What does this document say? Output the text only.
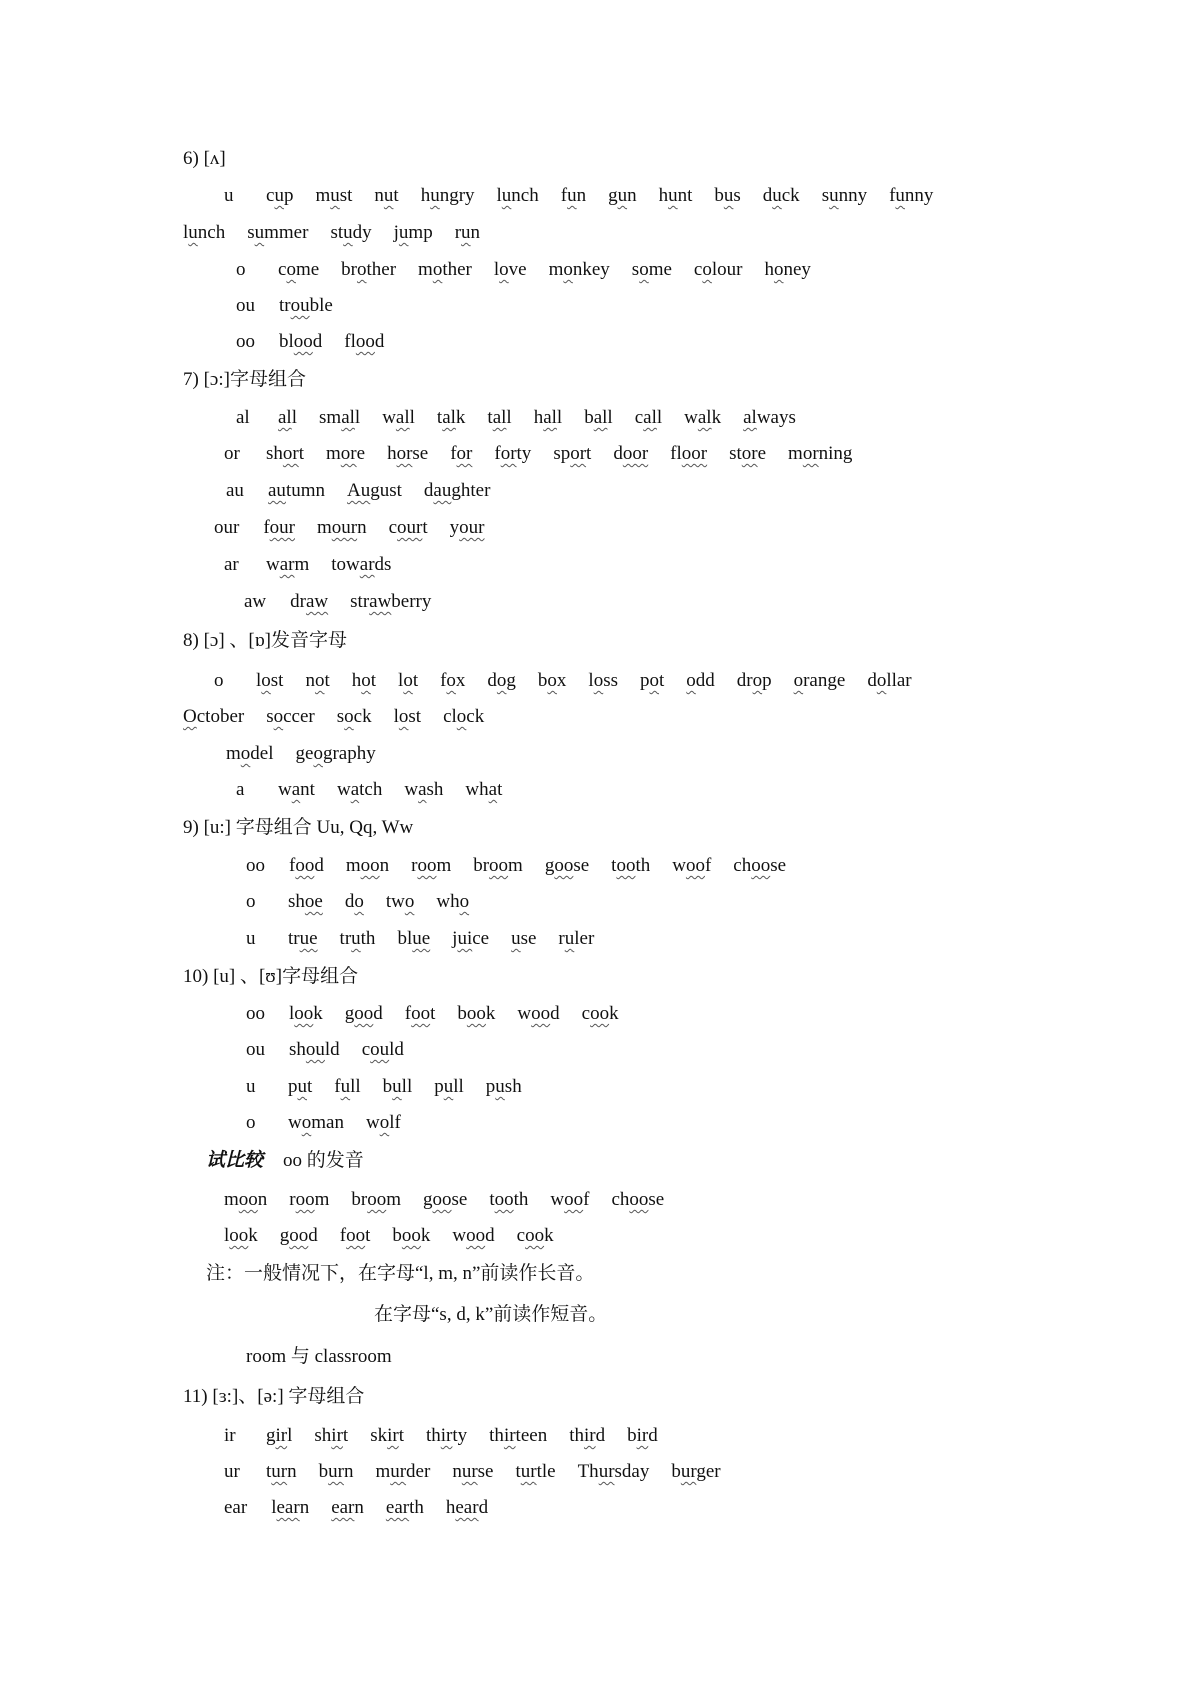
6) [ʌ]
u cup must nut hungry lunch fun gun hunt bus duck sunny funny
lunch summer study jump run
o come brother mother love monkey some colour honey
ou trouble
oo blood flood
7) [ɔ:]字母组合
al all small wall talk tall hall ball call walk always
or short more horse for forty sport door floor store morning
au autumn August daughter
our four mourn court your
ar warm towards
aw draw strawberry
8) [ɔ] 、[ɒ]发音字母
o lost not hot lot fox dog box loss pot odd drop orange dollar
October soccer sock lost clock
model geography
a want watch wash what
9) [u:] 字母组合 Uu, Qq, Ww
oo food moon room broom goose tooth woof choose
o shoe do two who
u true truth blue juice use ruler
10) [u] 、[ʊ]字母组合
oo look good foot book wood cook
ou should could
u put full bull pull push
o woman wolf
试比较 oo 的发音
moon room broom goose tooth woof choose
look good foot book wood cook
注：一般情况下，在字母“l, m, n”前读作长音。
在字母“s, d, k”前读作短音。
room 与 classroom
11) [ɜ:]、[ə:] 字母组合
ir girl shirt skirt thirty thirteen third bird
ur turn burn murder nurse turtle Thursday burger
ear learn earn earth heard
